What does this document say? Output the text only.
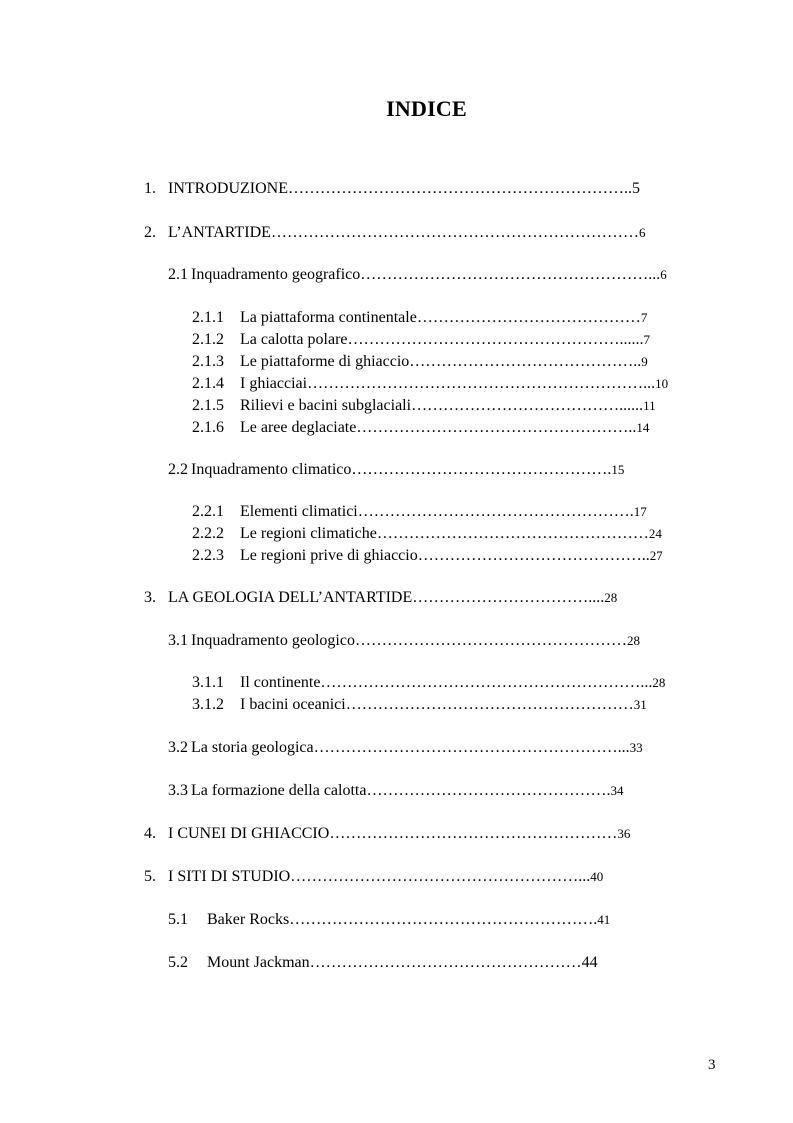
INDICE
1. INTRODUZIONE………………………………………………………..5
2. L’ANTARTIDE……………………………………………………………6
2.1 Inquadramento geografico………………………………………………...6
2.1.1 La piattaforma continentale……………………………………7
2.1.2 La calotta polare……………………………………………......7
2.1.3 Le piattaforme di ghiaccio……………………………………..9
2.1.4 I ghiacciai………………………………………………………...10
2.1.5 Rilievi e bacini subglaciali…………………………………......11
2.1.6 Le aree deglaciate……………………………………………..14
2.2 Inquadramento climatico………………………………………….15
2.2.1 Elementi climatici…………………………………………….17
2.2.2 Le regioni climatiche……………………………………………24
2.2.3 Le regioni prive di ghiaccio……………………………………..27
3. LA GEOLOGIA DELL’ANTARTIDE……………………………....28
3.1 Inquadramento geologico……………………………………………28
3.1.1 Il continente……………………………………………………...28
3.1.2 I bacini oceanici………………………………………………31
3.2 La storia geologica…………………………………………………...33
3.3 La formazione della calotta……………………………………….34
4. I CUNEI DI GHIACCIO………………………………………………36
5. I SITI DI STUDIO………………………………………………...40
5.1 Baker Rocks………………………………………………….41
5.2 Mount Jackman……………………………………………44
3
